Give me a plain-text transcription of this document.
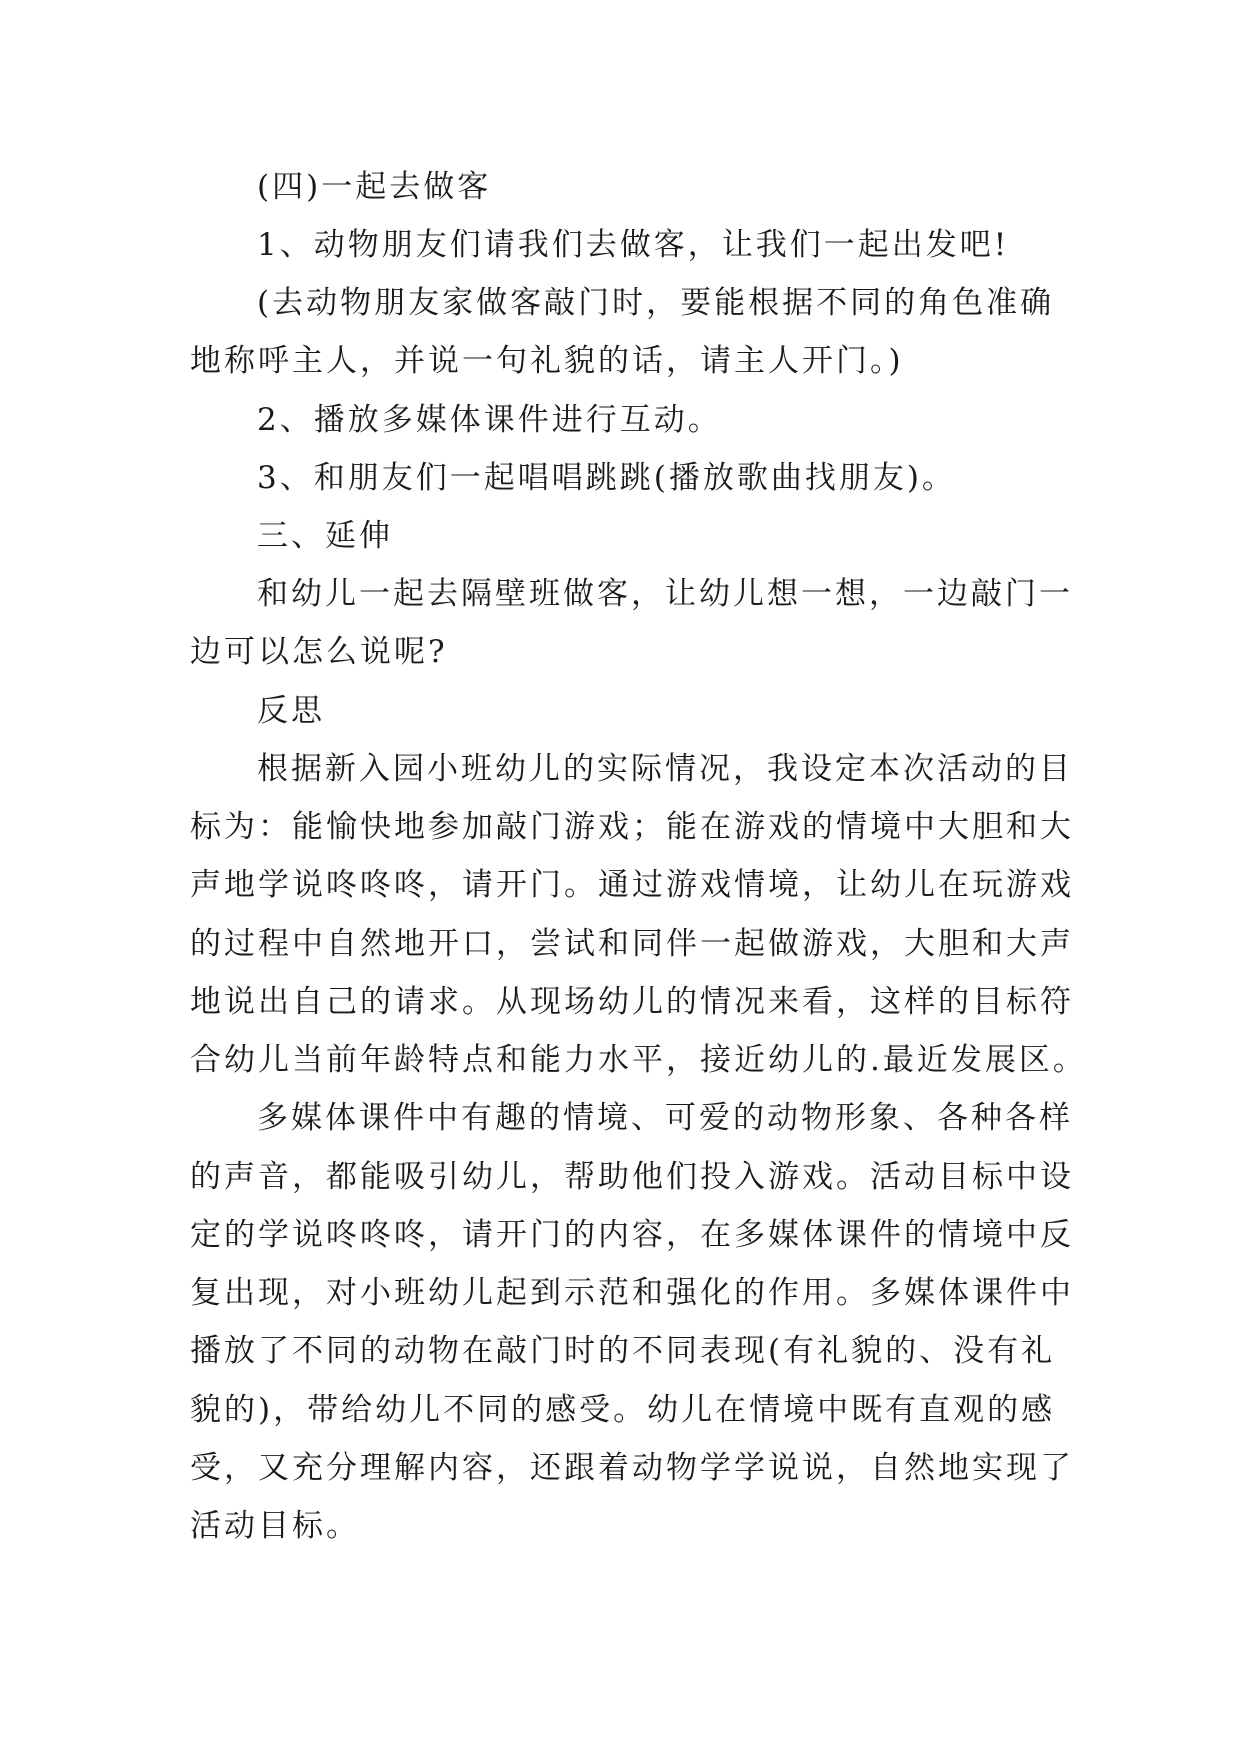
(四)一起去做客
1、动物朋友们请我们去做客，让我们一起出发吧!
(去动物朋友家做客敲门时，要能根据不同的角色准确
地称呼主人，并说一句礼貌的话，请主人开门。)
2、播放多媒体课件进行互动。
3、和朋友们一起唱唱跳跳(播放歌曲找朋友)。
三、延伸
和幼儿一起去隔壁班做客，让幼儿想一想，一边敲门一
边可以怎么说呢?
反思
根据新入园小班幼儿的实际情况，我设定本次活动的目
标为：能愉快地参加敲门游戏；能在游戏的情境中大胆和大
声地学说咚咚咚，请开门。通过游戏情境，让幼儿在玩游戏
的过程中自然地开口，尝试和同伴一起做游戏，大胆和大声
地说出自己的请求。从现场幼儿的情况来看，这样的目标符
合幼儿当前年龄特点和能力水平，接近幼儿的.最近发展区。
多媒体课件中有趣的情境、可爱的动物形象、各种各样
的声音，都能吸引幼儿，帮助他们投入游戏。活动目标中设
定的学说咚咚咚，请开门的内容，在多媒体课件的情境中反
复出现，对小班幼儿起到示范和强化的作用。多媒体课件中
播放了不同的动物在敲门时的不同表现(有礼貌的、没有礼
貌的)，带给幼儿不同的感受。幼儿在情境中既有直观的感
受，又充分理解内容，还跟着动物学学说说，自然地实现了
活动目标。
